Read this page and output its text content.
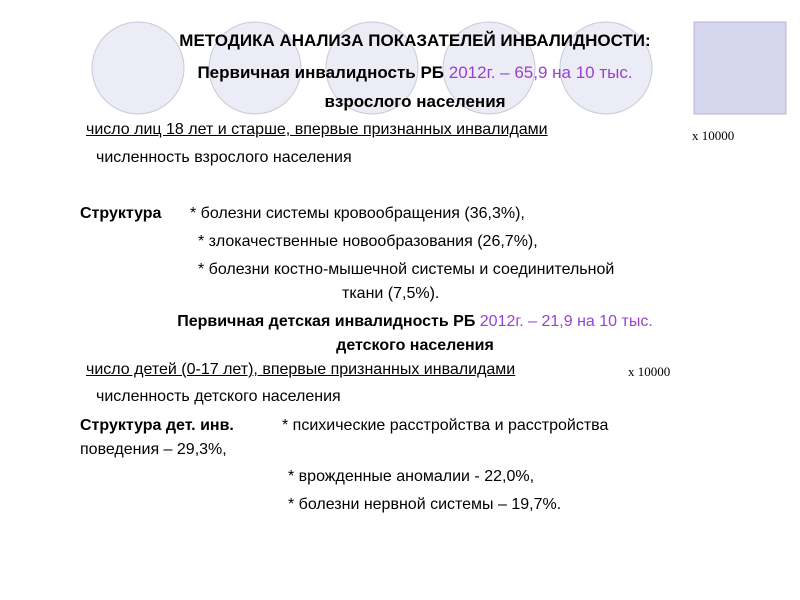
МЕТОДИКА АНАЛИЗА ПОКАЗАТЕЛЕЙ ИНВАЛИДНОСТИ:
Первичная инвалидность РБ 2012г. – 65,9 на 10 тыс.
взрослого населения
число лиц 18 лет и старше, впервые признанных инвалидами	х 10000
численность взрослого населения
Структура * болезни системы кровообращения (36,3%),
* злокачественные новообразования (26,7%),
* болезни костно-мышечной системы и соединительной
ткани (7,5%).
Первичная детская инвалидность РБ 2012г. – 21,9 на 10 тыс.
детского населения
число детей (0-17 лет), впервые признанных инвалидами	х 10000
численность детского населения
Структура дет. инв.	* психические расстройства и расстройства
поведения – 29,3%,
* врожденные аномалии - 22,0%,
* болезни нервной системы – 19,7%.
